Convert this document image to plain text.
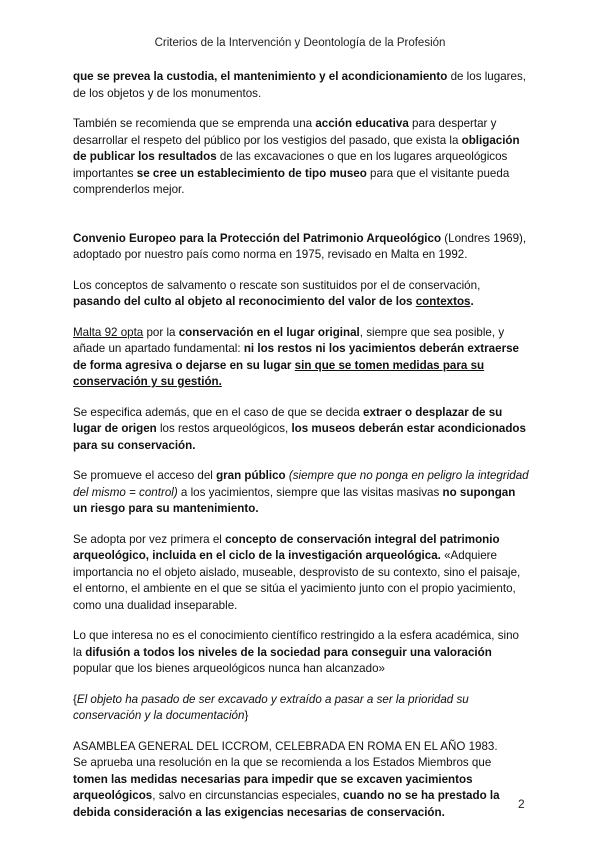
Criterios de la Intervención y Deontología de la Profesión

que se prevea la custodia, el mantenimiento y el acondicionamiento de los lugares, de los objetos y de los monumentos.

También se recomienda que se emprenda una acción educativa para despertar y desarrollar el respeto del público por los vestigios del pasado, que exista la obligación de publicar los resultados de las excavaciones o que en los lugares arqueológicos importantes se cree un establecimiento de tipo museo para que el visitante pueda comprenderlos mejor.

Convenio Europeo para la Protección del Patrimonio Arqueológico (Londres 1969), adoptado por nuestro país como norma en 1975, revisado en Malta en 1992.

Los conceptos de salvamento o rescate son sustituidos por el de conservación, pasando del culto al objeto al reconocimiento del valor de los contextos.

Malta 92 opta por la conservación en el lugar original, siempre que sea posible, y añade un apartado fundamental: ni los restos ni los yacimientos deberán extraerse de forma agresiva o dejarse en su lugar sin que se tomen medidas para su conservación y su gestión.

Se especifica además, que en el caso de que se decida extraer o desplazar de su lugar de origen los restos arqueológicos, los museos deberán estar acondicionados para su conservación.

Se promueve el acceso del gran público (siempre que no ponga en peligro la integridad del mismo = control) a los yacimientos, siempre que las visitas masivas no supongan un riesgo para su mantenimiento.

Se adopta por vez primera el concepto de conservación integral del patrimonio arqueológico, incluida en el ciclo de la investigación arqueológica. «Adquiere importancia no el objeto aislado, museable, desprovisto de su contexto, sino el paisaje, el entorno, el ambiente en el que se sitúa el yacimiento junto con el propio yacimiento, como una dualidad inseparable.

Lo que interesa no es el conocimiento científico restringido a la esfera académica, sino la difusión a todos los niveles de la sociedad para conseguir una valoración popular que los bienes arqueológicos nunca han alcanzado»

{El objeto ha pasado de ser excavado y extraído a pasar a ser la prioridad su conservación y la documentación}

ASAMBLEA GENERAL DEL ICCROM, CELEBRADA EN ROMA EN EL AÑO 1983.
Se aprueba una resolución en la que se recomienda a los Estados Miembros que tomen las medidas necesarias para impedir que se excaven yacimientos arqueológicos, salvo en circunstancias especiales, cuando no se ha prestado la debida consideración a las exigencias necesarias de conservación.

2
